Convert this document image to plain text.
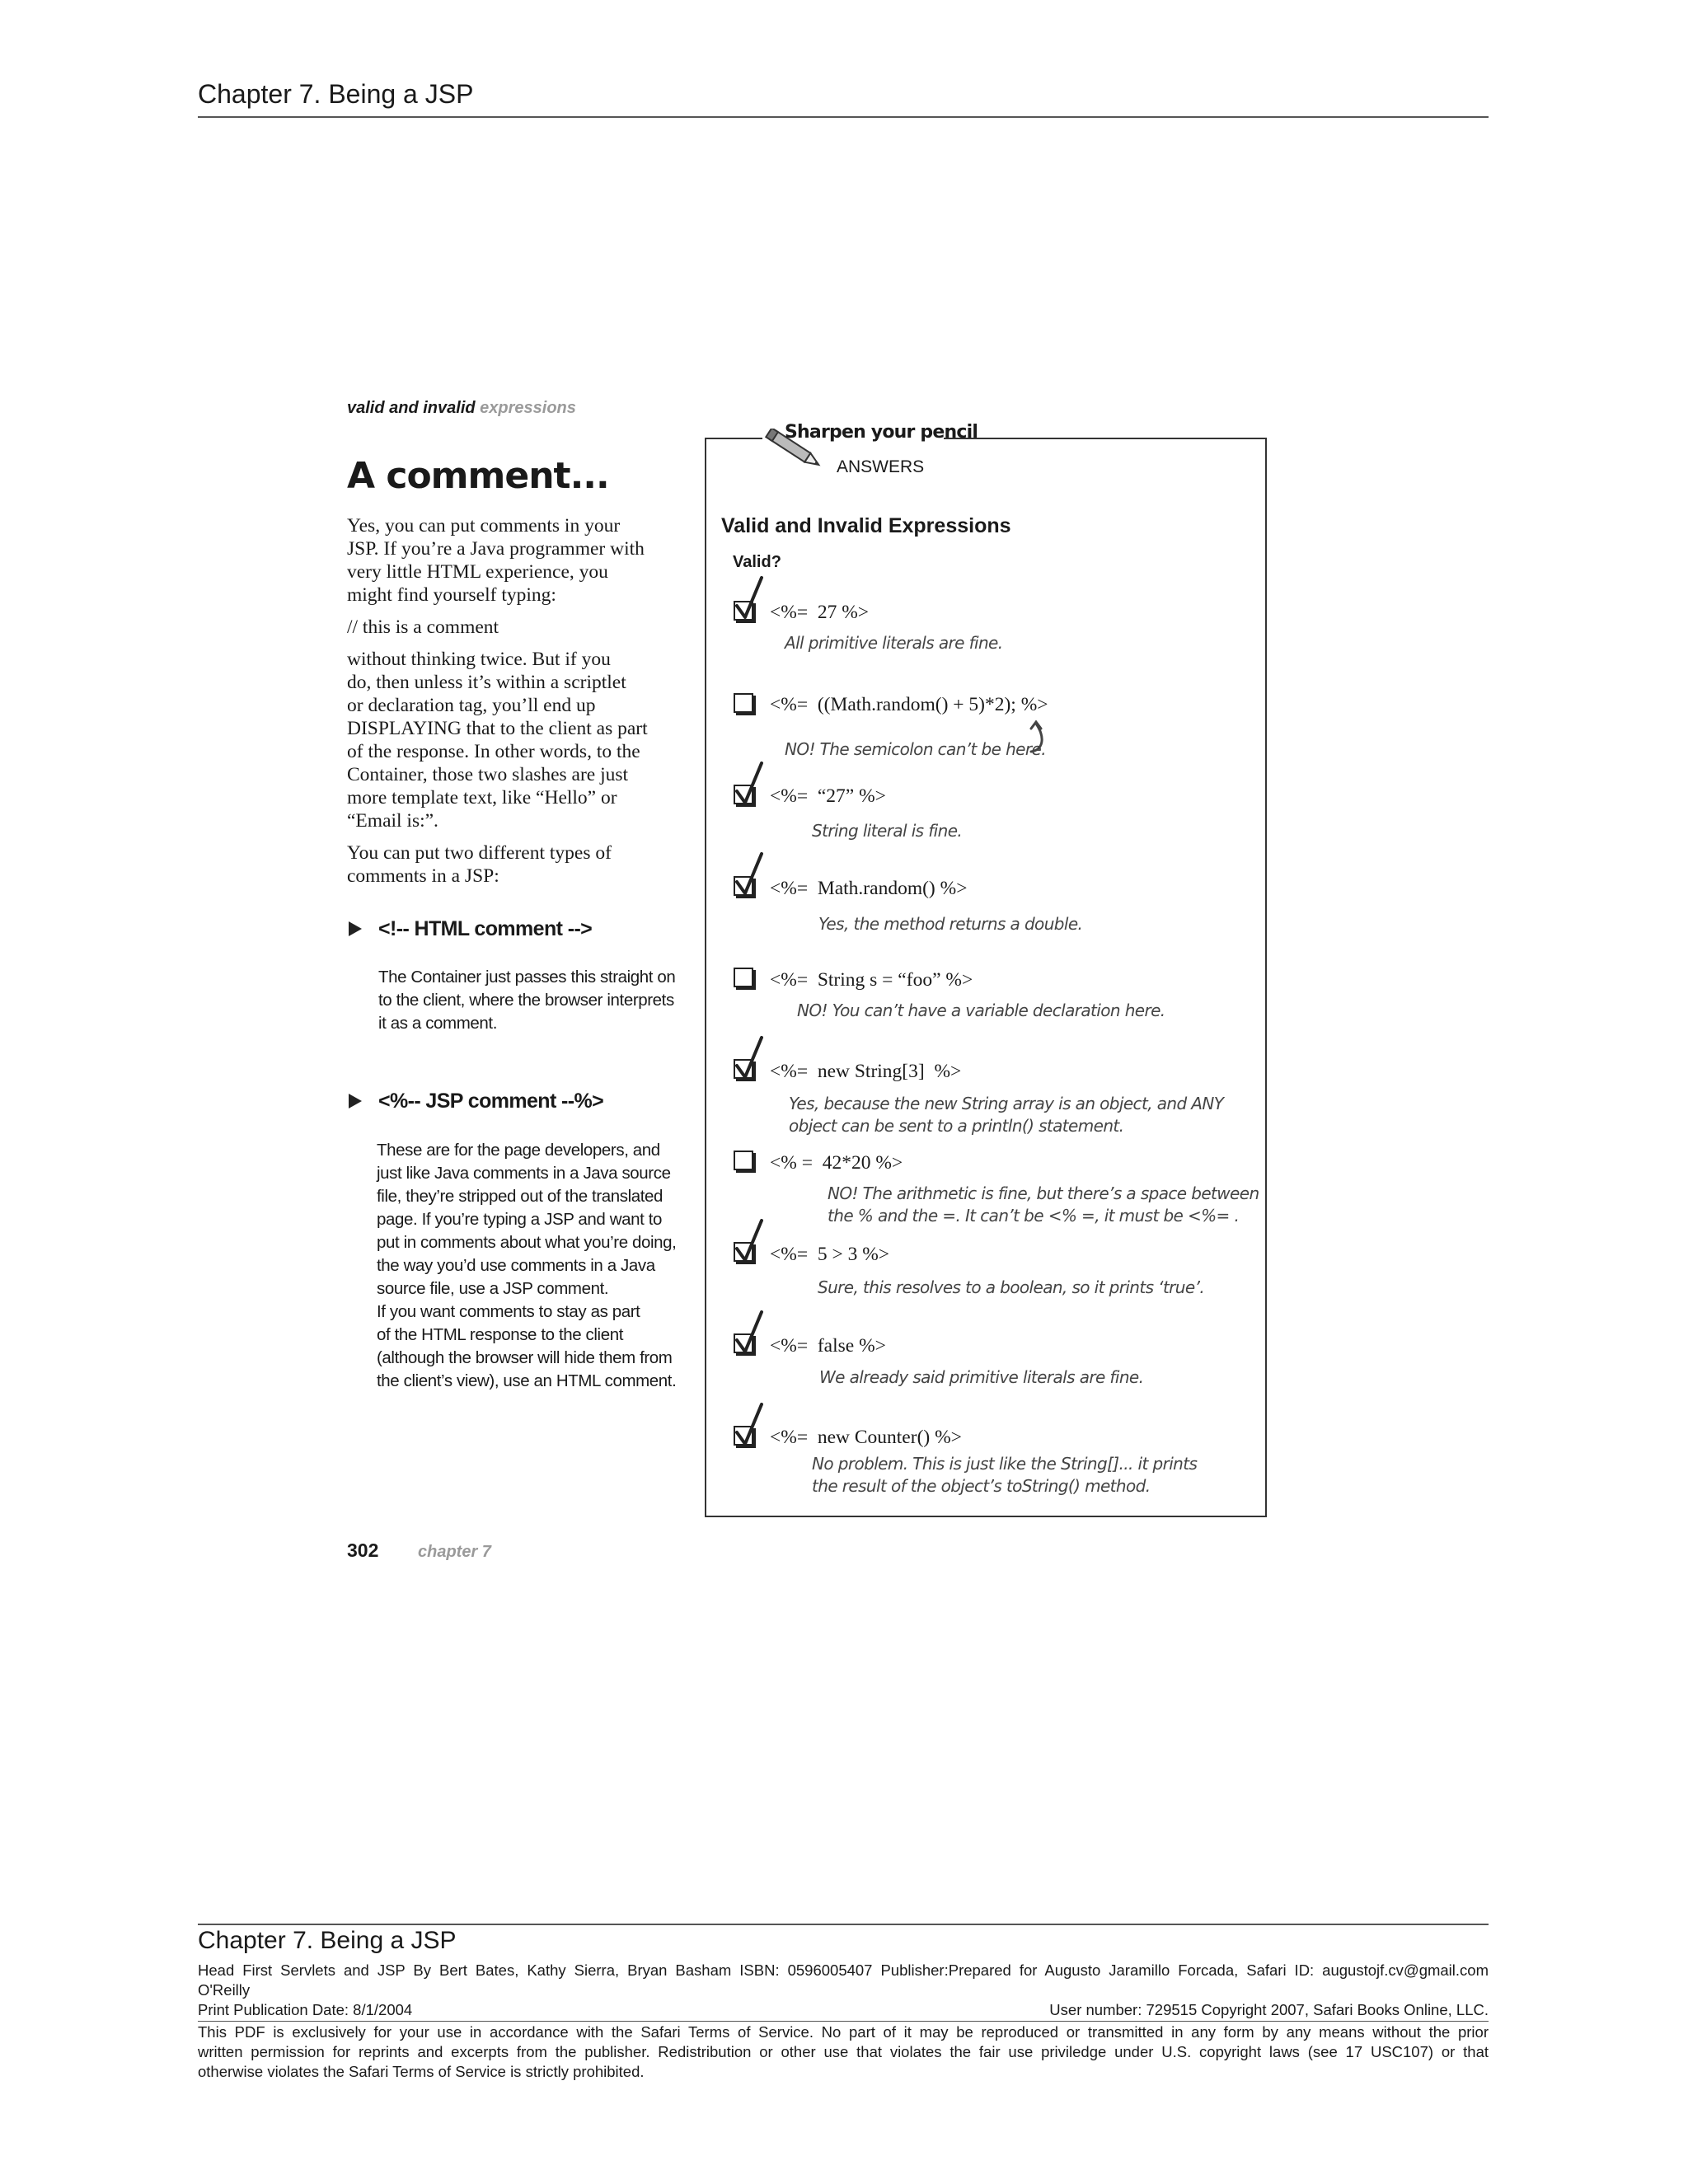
Chapter 7. Being a JSP
valid and invalid expressions
A comment...
Yes, you can put comments in your
JSP. If you’re a Java programmer with
very little HTML experience, you
might find yourself typing:
// this is a comment
without thinking twice. But if you
do, then unless it’s within a scriptlet
or declaration tag, you’ll end up
DISPLAYING that to the client as part
of the response. In other words, to the
Container, those two slashes are just
more template text, like “Hello” or
“Email is:”.
You can put two different types of
comments in a JSP:
<!-- HTML comment -->
The Container just passes this straight on
to the client, where the browser interprets
it as a comment.
<%-- JSP comment --%>
These are for the page developers, and
just like Java comments in a Java source
file, they’re stripped out of the translated
page. If you’re typing a JSP and want to
put in comments about what you’re doing,
the way you’d use comments in a Java
source file, use a JSP comment.
If you want comments to stay as part
of the HTML response to the client
(although the browser will hide them from
the client’s view), use an HTML comment.
Sharpen your pencil
ANSWERS
Valid and Invalid Expressions
Valid?
<%=  27 %>
All primitive literals are fine.
<%=  ((Math.random() + 5)*2); %>
NO! The semicolon can’t be here.
<%=  “27” %>
String literal is fine.
<%=  Math.random() %>
Yes, the method returns a double.
<%=  String s = “foo” %>
NO! You can’t have a variable declaration here.
<%=  new String[3]  %>
Yes, because the new String array is an object, and ANY
object can be sent to a println() statement.
<% =  42*20 %>
NO! The arithmetic is fine, but there’s a space between
the % and the =. It can’t be <% =, it must be <%= .
<%=  5 > 3 %>
Sure, this resolves to a boolean, so it prints ‘true’.
<%=  false %>
We already said primitive literals are fine.
<%=  new Counter() %>
No problem. This is just like the String[]... it prints
the result of the object’s toString() method.
302 chapter 7
Chapter 7. Being a JSP
Head First Servlets and JSP By Bert Bates, Kathy Sierra, Bryan Basham ISBN: 0596005407 Publisher:Prepared for Augusto Jaramillo Forcada, Safari ID: augustojf.cv@gmail.com
O'Reilly
Print Publication Date: 8/1/2004	User number: 729515 Copyright 2007, Safari Books Online, LLC.
This PDF is exclusively for your use in accordance with the Safari Terms of Service. No part of it may be reproduced or transmitted in any form by any means without the prior
written permission for reprints and excerpts from the publisher. Redistribution or other use that violates the fair use priviledge under U.S. copyright laws (see 17 USC107) or that
otherwise violates the Safari Terms of Service is strictly prohibited.
